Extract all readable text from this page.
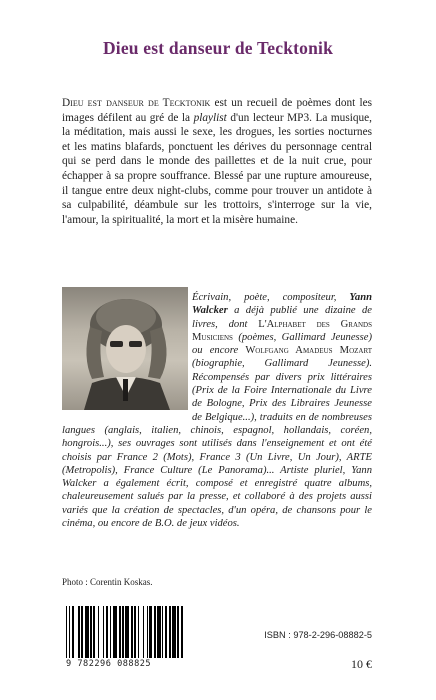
Dieu est danseur de Tecktonik
Dieu est danseur de Tecktonik est un recueil de poèmes dont les images défilent au gré de la playlist d'un lecteur MP3. La musique, la méditation, mais aussi le sexe, les drogues, les sorties nocturnes et les matins blafards, ponctuent les dérives du personnage central qui se perd dans le monde des paillettes et de la nuit crue, pour échapper à sa propre souffrance. Blessé par une rupture amoureuse, il tangue entre deux night-clubs, comme pour trouver un antidote à sa culpabilité, déambule sur les trottoirs, s'interroge sur la vie, l'amour, la spiritualité, la mort et la misère humaine.
Écrivain, poète, compositeur, Yann Walcker a déjà publié une dizaine de livres, dont L'Alphabet des Grands Musiciens (poèmes, Gallimard Jeunesse) ou encore Wolfgang Amadeus Mozart (biographie, Gallimard Jeunesse). Récompensés par divers prix littéraires (Prix de la Foire Internationale du Livre de Bologne, Prix des Libraires Jeunesse de Belgique...), traduits en de nombreuses langues (anglais, italien, chinois, espagnol, hollandais, coréen, hongrois...), ses ouvrages sont utilisés dans l'enseignement et ont été choisis par France 2 (Mots), France 3 (Un Livre, Un Jour), ARTE (Metropolis), France Culture (Le Panorama)... Artiste pluriel, Yann Walcker a également écrit, composé et enregistré quatre albums, chaleureusement salués par la presse, et collaboré à des projets aussi variés que la création de spectacles, d'un opéra, de chansons pour le cinéma, ou encore de B.O. de jeux vidéos.
Photo : Corentin Koskas.
9 782296 088825
ISBN : 978-2-296-08882-5
10 €
